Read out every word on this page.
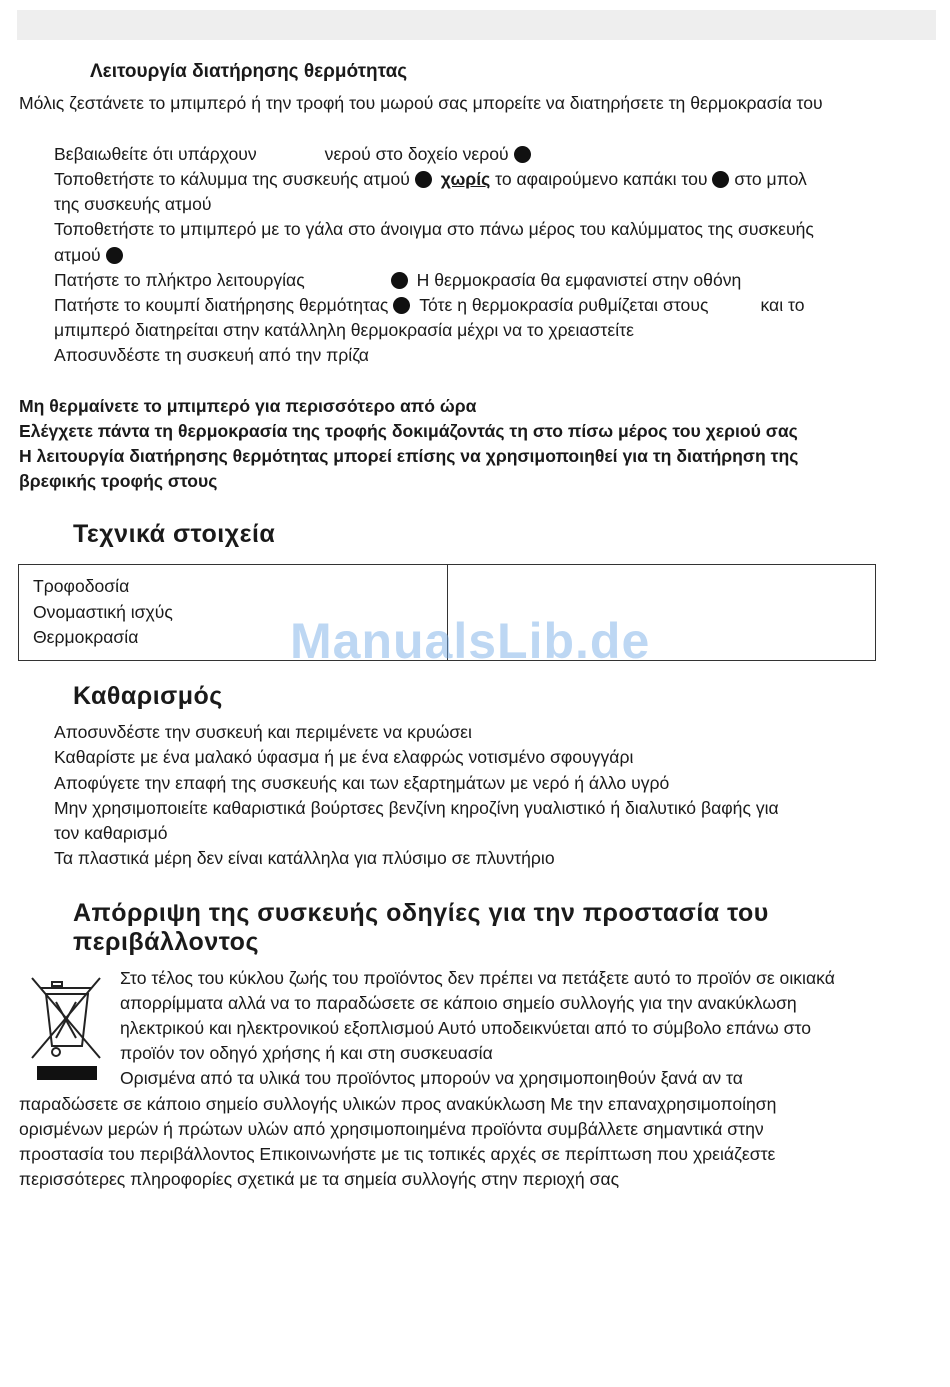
Λειτουργία διατήρησης θερμότητας
Μόλις ζεστάνετε το μπιμπερό ή την τροφή του μωρού σας μπορείτε να διατηρήσετε τη θερμοκρασία του
Βεβαιωθείτε ότι υπάρχουν	νερού στο δοχείο νερού
Τοποθετήστε το κάλυμμα της συσκευής ατμού χωρίς το αφαιρούμενο καπάκι του στο μπολ
της συσκευής ατμού
Τοποθετήστε το μπιμπερό με το γάλα στο άνοιγμα στο πάνω μέρος του καλύμματος της συσκευής
ατμού
Πατήστε το πλήκτρο λειτουργίας	Η θερμοκρασία θα εμφανιστεί στην οθόνη
Πατήστε το κουμπί διατήρησης θερμότητας Τότε η θερμοκρασία ρυθμίζεται στους	και το
μπιμπερό διατηρείται στην κατάλληλη θερμοκρασία μέχρι να το χρειαστείτε
Αποσυνδέστε τη συσκευή από την πρίζα
Μη θερμαίνετε το μπιμπερό για περισσότερο από ώρα
Ελέγχετε πάντα τη θερμοκρασία της τροφής δοκιμάζοντάς τη στο πίσω μέρος του χεριού σας
Η λειτουργία διατήρησης θερμότητας μπορεί επίσης να χρησιμοποιηθεί για τη διατήρηση της
βρεφικής τροφής στους
Τεχνικά στοιχεία
Τροφοδοσία
Ονομαστική ισχύς
Θερμοκρασία
		ManualsLib.de
Καθαρισμός
Αποσυνδέστε την συσκευή και περιμένετε να κρυώσει
Καθαρίστε με ένα μαλακό ύφασμα ή με ένα ελαφρώς νοτισμένο σφουγγάρι
Αποφύγετε την επαφή της συσκευής και των εξαρτημάτων με νερό ή άλλο υγρό
Μην χρησιμοποιείτε καθαριστικά βούρτσες βενζίνη κηροζίνη γυαλιστικό ή διαλυτικό βαφής για
τον καθαρισμό
Τα πλαστικά μέρη δεν είναι κατάλληλα για πλύσιμο σε πλυντήριο
Απόρριψη της συσκευής οδηγίες για την προστασία του
περιβάλλοντος
Στο τέλος του κύκλου ζωής του προϊόντος δεν πρέπει να πετάξετε αυτό το προϊόν σε οικιακά
απορρίμματα αλλά να το παραδώσετε σε κάποιο σημείο συλλογής για την ανακύκλωση
ηλεκτρικού και ηλεκτρονικού εξοπλισμού Αυτό υποδεικνύεται από το σύμβολο επάνω στο
προϊόν τον οδηγό χρήσης ή και στη συσκευασία
Ορισμένα από τα υλικά του προϊόντος μπορούν να χρησιμοποιηθούν ξανά αν τα
παραδώσετε σε κάποιο σημείο συλλογής υλικών προς ανακύκλωση Με την επαναχρησιμοποίηση
ορισμένων μερών ή πρώτων υλών από χρησιμοποιημένα προϊόντα συμβάλλετε σημαντικά στην
προστασία του περιβάλλοντος Επικοινωνήστε με τις τοπικές αρχές σε περίπτωση που χρειάζεστε
περισσότερες πληροφορίες σχετικά με τα σημεία συλλογής στην περιοχή σας
